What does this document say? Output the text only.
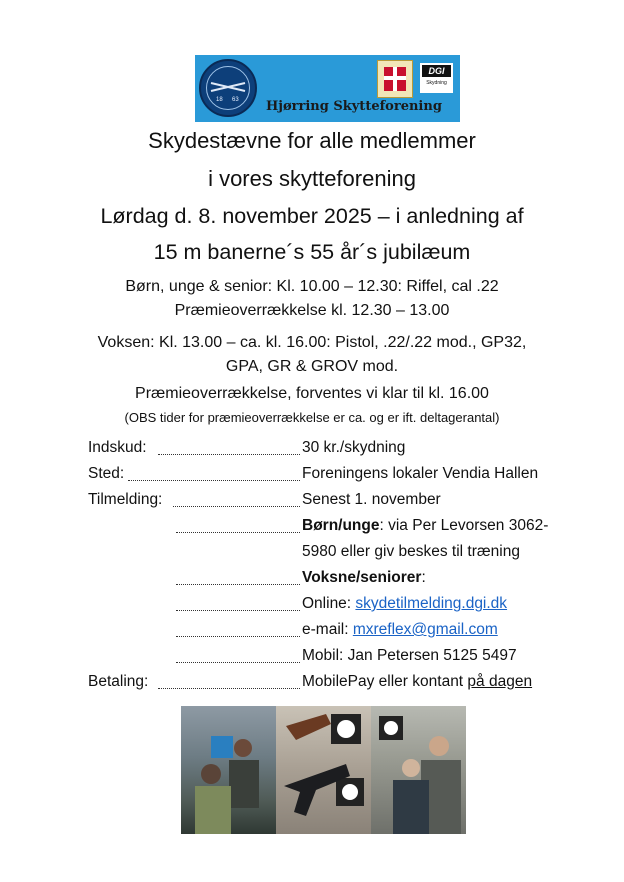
18 63
DGI
Skydning
Hjørring Skytteforening
Skydestævne for alle medlemmer
i vores skytteforening
Lørdag d. 8. november 2025 – i anledning af
15 m banerne´s 55 år´s jubilæum
Børn, unge & senior: Kl. 10.00 – 12.30: Riffel, cal .22
Præmieoverrækkelse kl. 12.30 – 13.00
Voksen: Kl. 13.00 – ca. kl. 16.00: Pistol, .22/.22 mod., GP32,
GPA, GR & GROV mod.
Præmieoverrækkelse, forventes vi klar til kl. 16.00
(OBS tider for præmieoverrækkelse er ca. og er ift. deltagerantal)
Indskud:	30 kr./skydning
Sted:	Foreningens lokaler Vendia Hallen
Tilmelding:	Senest 1. november
Børn/unge: via Per Levorsen 3062-
5980 eller giv beskes til træning
Voksne/seniorer:
Online: skydetilmelding.dgi.dk
e-mail: mxreflex@gmail.com
Mobil: Jan Petersen 5125 5497
Betaling:	MobilePay eller kontant på dagen
